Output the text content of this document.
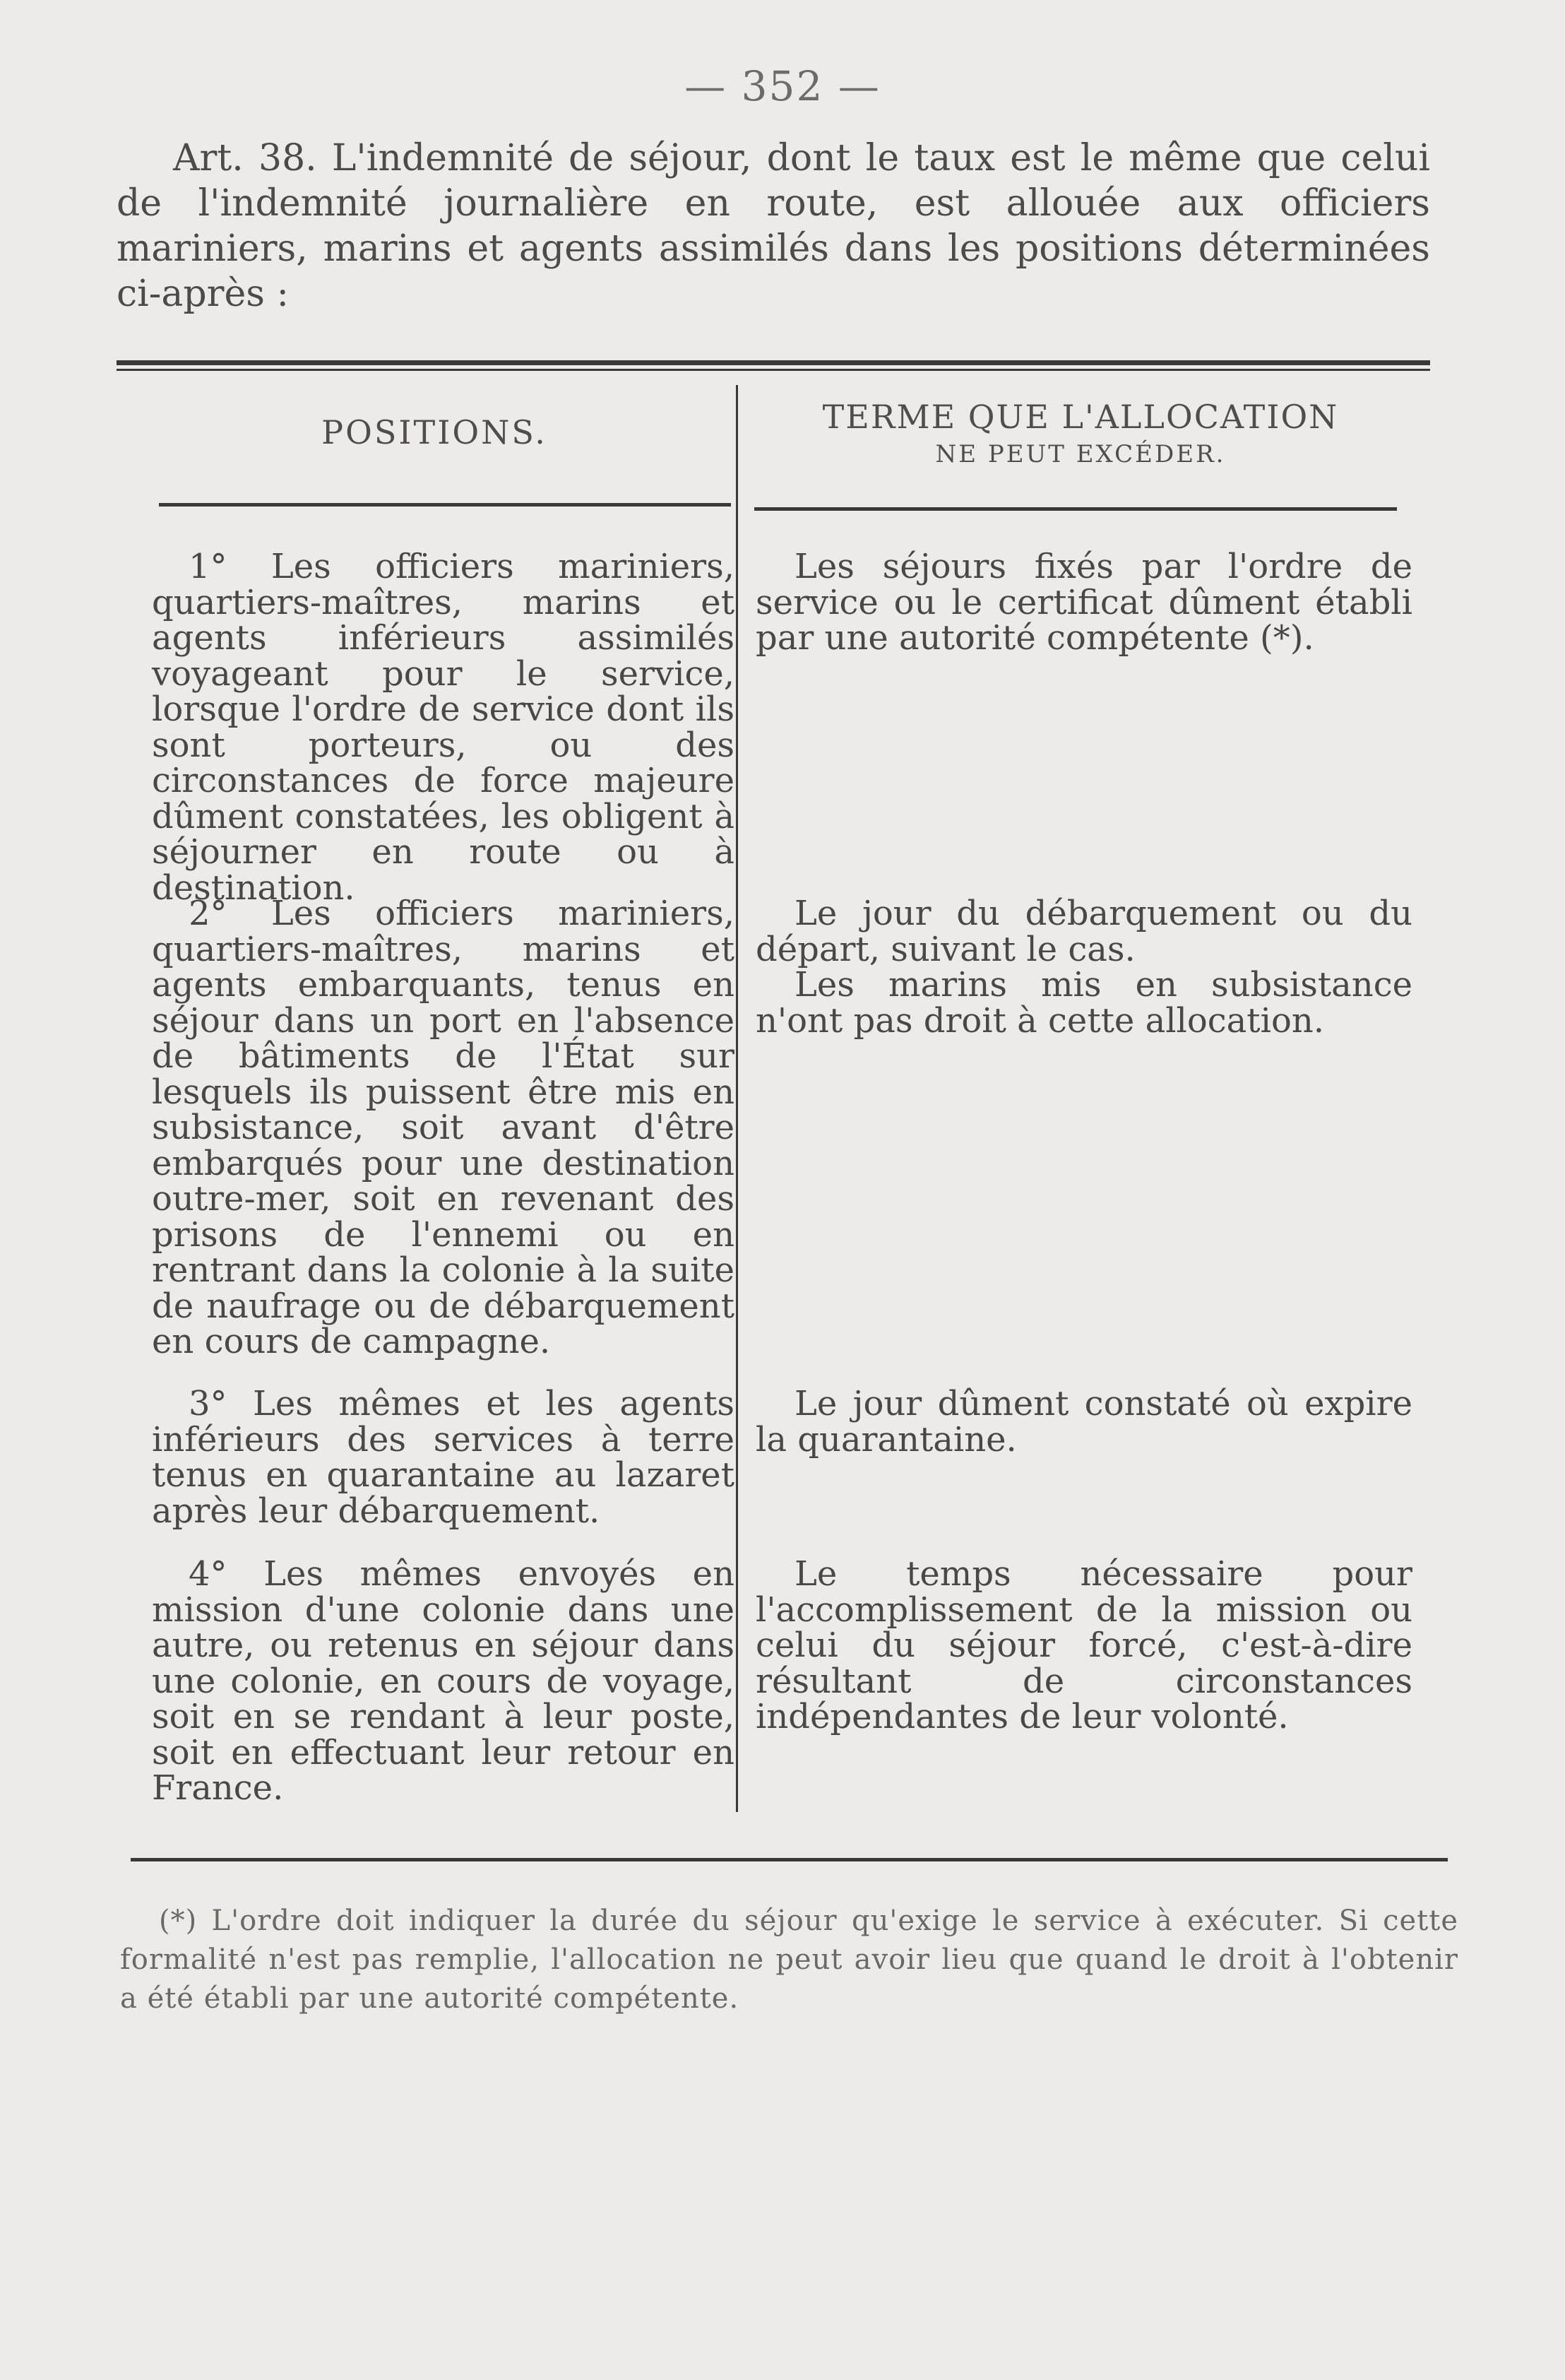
— 352 —
Art. 38. L'indemnité de séjour, dont le taux est le même que celui de l'indemnité journalière en route, est allouée aux officiers mariniers, marins et agents assimilés dans les positions déterminées ci-après :
POSITIONS.	TERME QUE L'ALLOCATION
NE PEUT EXCÉDER.
1° Les officiers mariniers, quartiers-maîtres, marins et agents inférieurs assimilés voyageant pour le service, lorsque l'ordre de service dont ils sont porteurs, ou des circonstances de force majeure dûment constatées, les obligent à séjourner en route ou à destination.

Les séjours fixés par l'ordre de service ou le certificat dûment établi par une autorité compétente (*).

2° Les officiers mariniers, quartiers-maîtres, marins et agents embarquants, tenus en séjour dans un port en l'absence de bâtiments de l'État sur lesquels ils puissent être mis en subsistance, soit avant d'être embarqués pour une destination outre-mer, soit en revenant des prisons de l'ennemi ou en rentrant dans la colonie à la suite de naufrage ou de débarquement en cours de campagne.

Le jour du débarquement ou du départ, suivant le cas.

Les marins mis en subsistance n'ont pas droit à cette allocation.

3° Les mêmes et les agents inférieurs des services à terre tenus en quarantaine au lazaret après leur débarquement.

Le jour dûment constaté où expire la quarantaine.

4° Les mêmes envoyés en mission d'une colonie dans une autre, ou retenus en séjour dans une colonie, en cours de voyage, soit en se rendant à leur poste, soit en effectuant leur retour en France.

Le temps nécessaire pour l'accomplissement de la mission ou celui du séjour forcé, c'est-à-dire résultant de circonstances indépendantes de leur volonté.

(*) L'ordre doit indiquer la durée du séjour qu'exige le service à exécuter. Si cette formalité n'est pas remplie, l'allocation ne peut avoir lieu que quand le droit à l'obtenir a été établi par une autorité compétente.
